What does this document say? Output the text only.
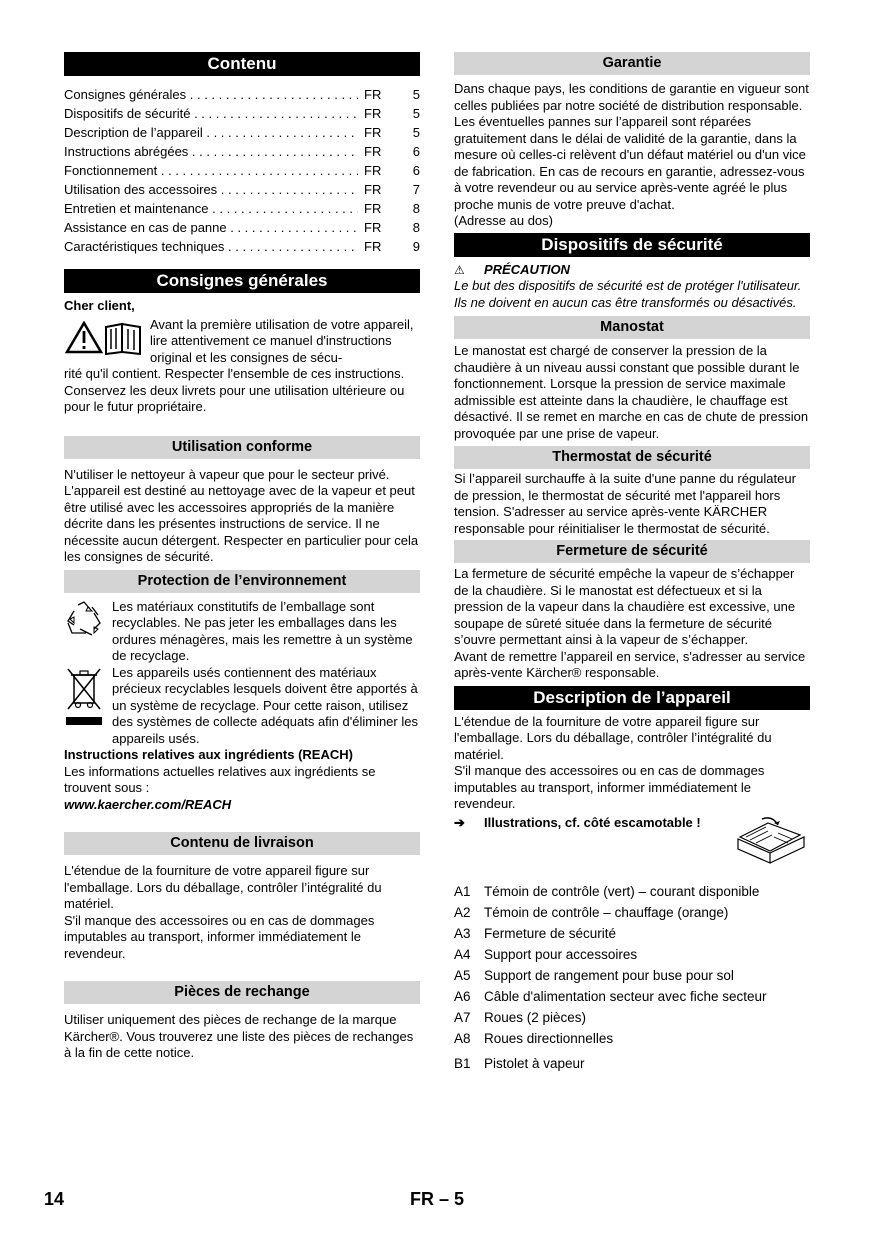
Contenu
Consignes générales . . .	FR	5
Dispositifs de sécurité . . .	FR	5
Description de l’appareil . . .	FR	5
Instructions abrégées . . .	FR	6
Fonctionnement . . .	FR	6
Utilisation des accessoires . . .	FR	7
Entretien et maintenance . . .	FR	8
Assistance en cas de panne . . .	FR	8
Caractéristiques techniques . . .	FR	9
Consignes générales
Cher client,

Avant la première utilisation de votre appareil, lire attentivement ce manuel d'instructions original et les consignes de sécu-

rité qu'il contient. Respecter l'ensemble de ces instructions. Conservez les deux livrets pour une utilisation ultérieure ou pour le futur propriétaire.

Utilisation conforme

N'utiliser le nettoyeur à vapeur que pour le secteur privé.

L'appareil est destiné au nettoyage avec de la vapeur et peut être utilisé avec les accessoires appropriés de la manière décrite dans les présentes instructions de service. Il ne nécessite aucun détergent. Respecter en particulier pour cela les consignes de sécurité.

Protection de l’environnement

Les matériaux constitutifs de l’emballage sont recyclables. Ne pas jeter les emballages dans les ordures ménagères, mais les remettre à un système de recyclage.

Les appareils usés contiennent des matériaux précieux recyclables lesquels doivent être apportés à un système de recyclage. Pour cette raison, utilisez des systèmes de collecte adéquats afin d'éliminer les appareils usés.

Instructions relatives aux ingrédients (REACH)

Les informations actuelles relatives aux ingrédients se trouvent sous :

www.kaercher.com/REACH

Contenu de livraison

L'étendue de la fourniture de votre appareil figure sur l'emballage. Lors du déballage, contrôler l’intégralité du matériel.

S'il manque des accessoires ou en cas de dommages imputables au transport, informer immédiatement le revendeur.

Pièces de rechange

Utiliser uniquement des pièces de rechange de la marque Kärcher®. Vous trouverez une liste des pièces de rechanges à la fin de cette notice.

Garantie

Dans chaque pays, les conditions de garantie en vigueur sont celles publiées par notre société de distribution responsable. Les éventuelles pannes sur l’appareil sont réparées gratuitement dans le délai de validité de la garantie, dans la mesure où celles-ci relèvent d'un défaut matériel ou d'un vice de fabrication. En cas de recours en garantie, adressez-vous à votre revendeur ou au service après-vente agréé le plus proche munis de votre preuve d'achat.

(Adresse au dos)

Dispositifs de sécurité
⚠	PRÉCAUTION

Le but des dispositifs de sécurité est de protéger l'utilisateur. Ils ne doivent en aucun cas être transformés ou désactivés.

Manostat

Le manostat est chargé de conserver la pression de la chaudière à un niveau aussi constant que possible durant le fonctionnement. Lorsque la pression de service maximale admissible est atteinte dans la chaudière, le chauffage est désactivé. Il se remet en marche en cas de chute de pression provoquée par une prise de vapeur.

Thermostat de sécurité

Si l’appareil surchauffe à la suite d'une panne du régulateur de pression, le thermostat de sécurité met l'appareil hors tension. S'adresser au service après-vente KÄRCHER responsable pour réinitialiser le thermostat de sécurité.

Fermeture de sécurité

La fermeture de sécurité empêche la vapeur de s’échapper de la chaudière. Si le manostat est défectueux et si la pression de la vapeur dans la chaudière est excessive, une soupape de sûreté située dans la fermeture de sécurité s’ouvre permettant ainsi à la vapeur de s’échapper.

Avant de remettre l’appareil en service, s'adresser au service après-vente Kärcher® responsable.

Description de l’appareil

L'étendue de la fourniture de votre appareil figure sur l'emballage. Lors du déballage, contrôler l’intégralité du matériel.

S'il manque des accessoires ou en cas de dommages imputables au transport, informer immédiatement le revendeur.

➔	Illustrations, cf. côté escamotable !
A1 Témoin de contrôle (vert) – courant disponible
A2 Témoin de contrôle – chauffage (orange)
A3 Fermeture de sécurité
A4 Support pour accessoires
A5 Support de rangement pour buse pour sol
A6 Câble d'alimentation secteur avec fiche secteur
A7 Roues (2 pièces)
A8 Roues directionnelles
B1 Pistolet à vapeur
14	FR – 5
